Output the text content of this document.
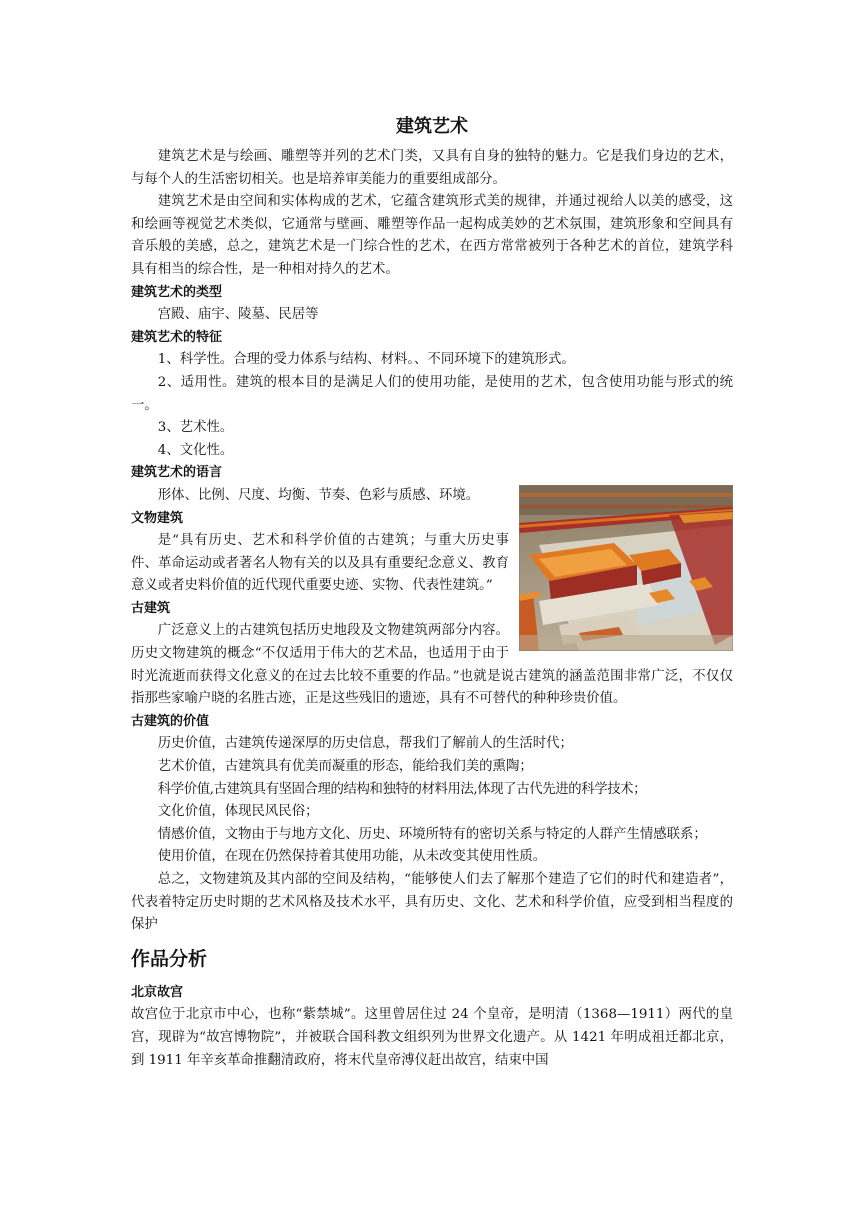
建筑艺术

建筑艺术是与绘画、雕塑等并列的艺术门类，又具有自身的独特的魅力。它是我们身边的艺术，与每个人的生活密切相关。也是培养审美能力的重要组成部分。

建筑艺术是由空间和实体构成的艺术，它蕴含建筑形式美的规律，并通过视给人以美的感受，这和绘画等视觉艺术类似，它通常与壁画、雕塑等作品一起构成美妙的艺术氛围，建筑形象和空间具有音乐般的美感，总之，建筑艺术是一门综合性的艺术，在西方常常被列于各种艺术的首位，建筑学科具有相当的综合性，是一种相对持久的艺术。

建筑艺术的类型

宫殿、庙宇、陵墓、民居等

建筑艺术的特征

1、科学性。合理的受力体系与结构、材料。、不同环境下的建筑形式。

2、适用性。建筑的根本目的是满足人们的使用功能，是使用的艺术，包含使用功能与形式的统一。

3、艺术性。

4、文化性。

建筑艺术的语言

形体、比例、尺度、均衡、节奏、色彩与质感、环境。

文物建筑

是“具有历史、艺术和科学价值的古建筑；与重大历史事件、革命运动或者著名人物有关的以及具有重要纪念意义、教育意义或者史料价值的近代现代重要史迹、实物、代表性建筑。”

古建筑

广泛意义上的古建筑包括历史地段及文物建筑两部分内容。历史文物建筑的概念“不仅适用于伟大的艺术品，也适用于由于时光流逝而获得文化意义的在过去比较不重要的作品。”也就是说古建筑的涵盖范围非常广泛，不仅仅指那些家喻户晓的名胜古迹，正是这些残旧的遗迹，具有不可替代的种种珍贵价值。

古建筑的价值

历史价值，古建筑传递深厚的历史信息，帮我们了解前人的生活时代；

艺术价值，古建筑具有优美而凝重的形态，能给我们美的熏陶；

科学价值,古建筑具有坚固合理的结构和独特的材料用法,体现了古代先进的科学技术；

文化价值，体现民风民俗；

情感价值，文物由于与地方文化、历史、环境所特有的密切关系与特定的人群产生情感联系；

使用价值，在现在仍然保持着其使用功能，从未改变其使用性质。

总之，文物建筑及其内部的空间及结构，“能够使人们去了解那个建造了它们的时代和建造者”，代表着特定历史时期的艺术风格及技术水平，具有历史、文化、艺术和科学价值，应受到相当程度的保护

作品分析

北京故宫

故宫位于北京市中心，也称“紫禁城”。这里曾居住过 24 个皇帝，是明清（1368—1911）两代的皇宫，现辟为“故宫博物院”，并被联合国科教文组织列为世界文化遗产。从 1421 年明成祖迁都北京，到 1911 年辛亥革命推翻清政府，将末代皇帝溥仪赶出故宫，结束中国
